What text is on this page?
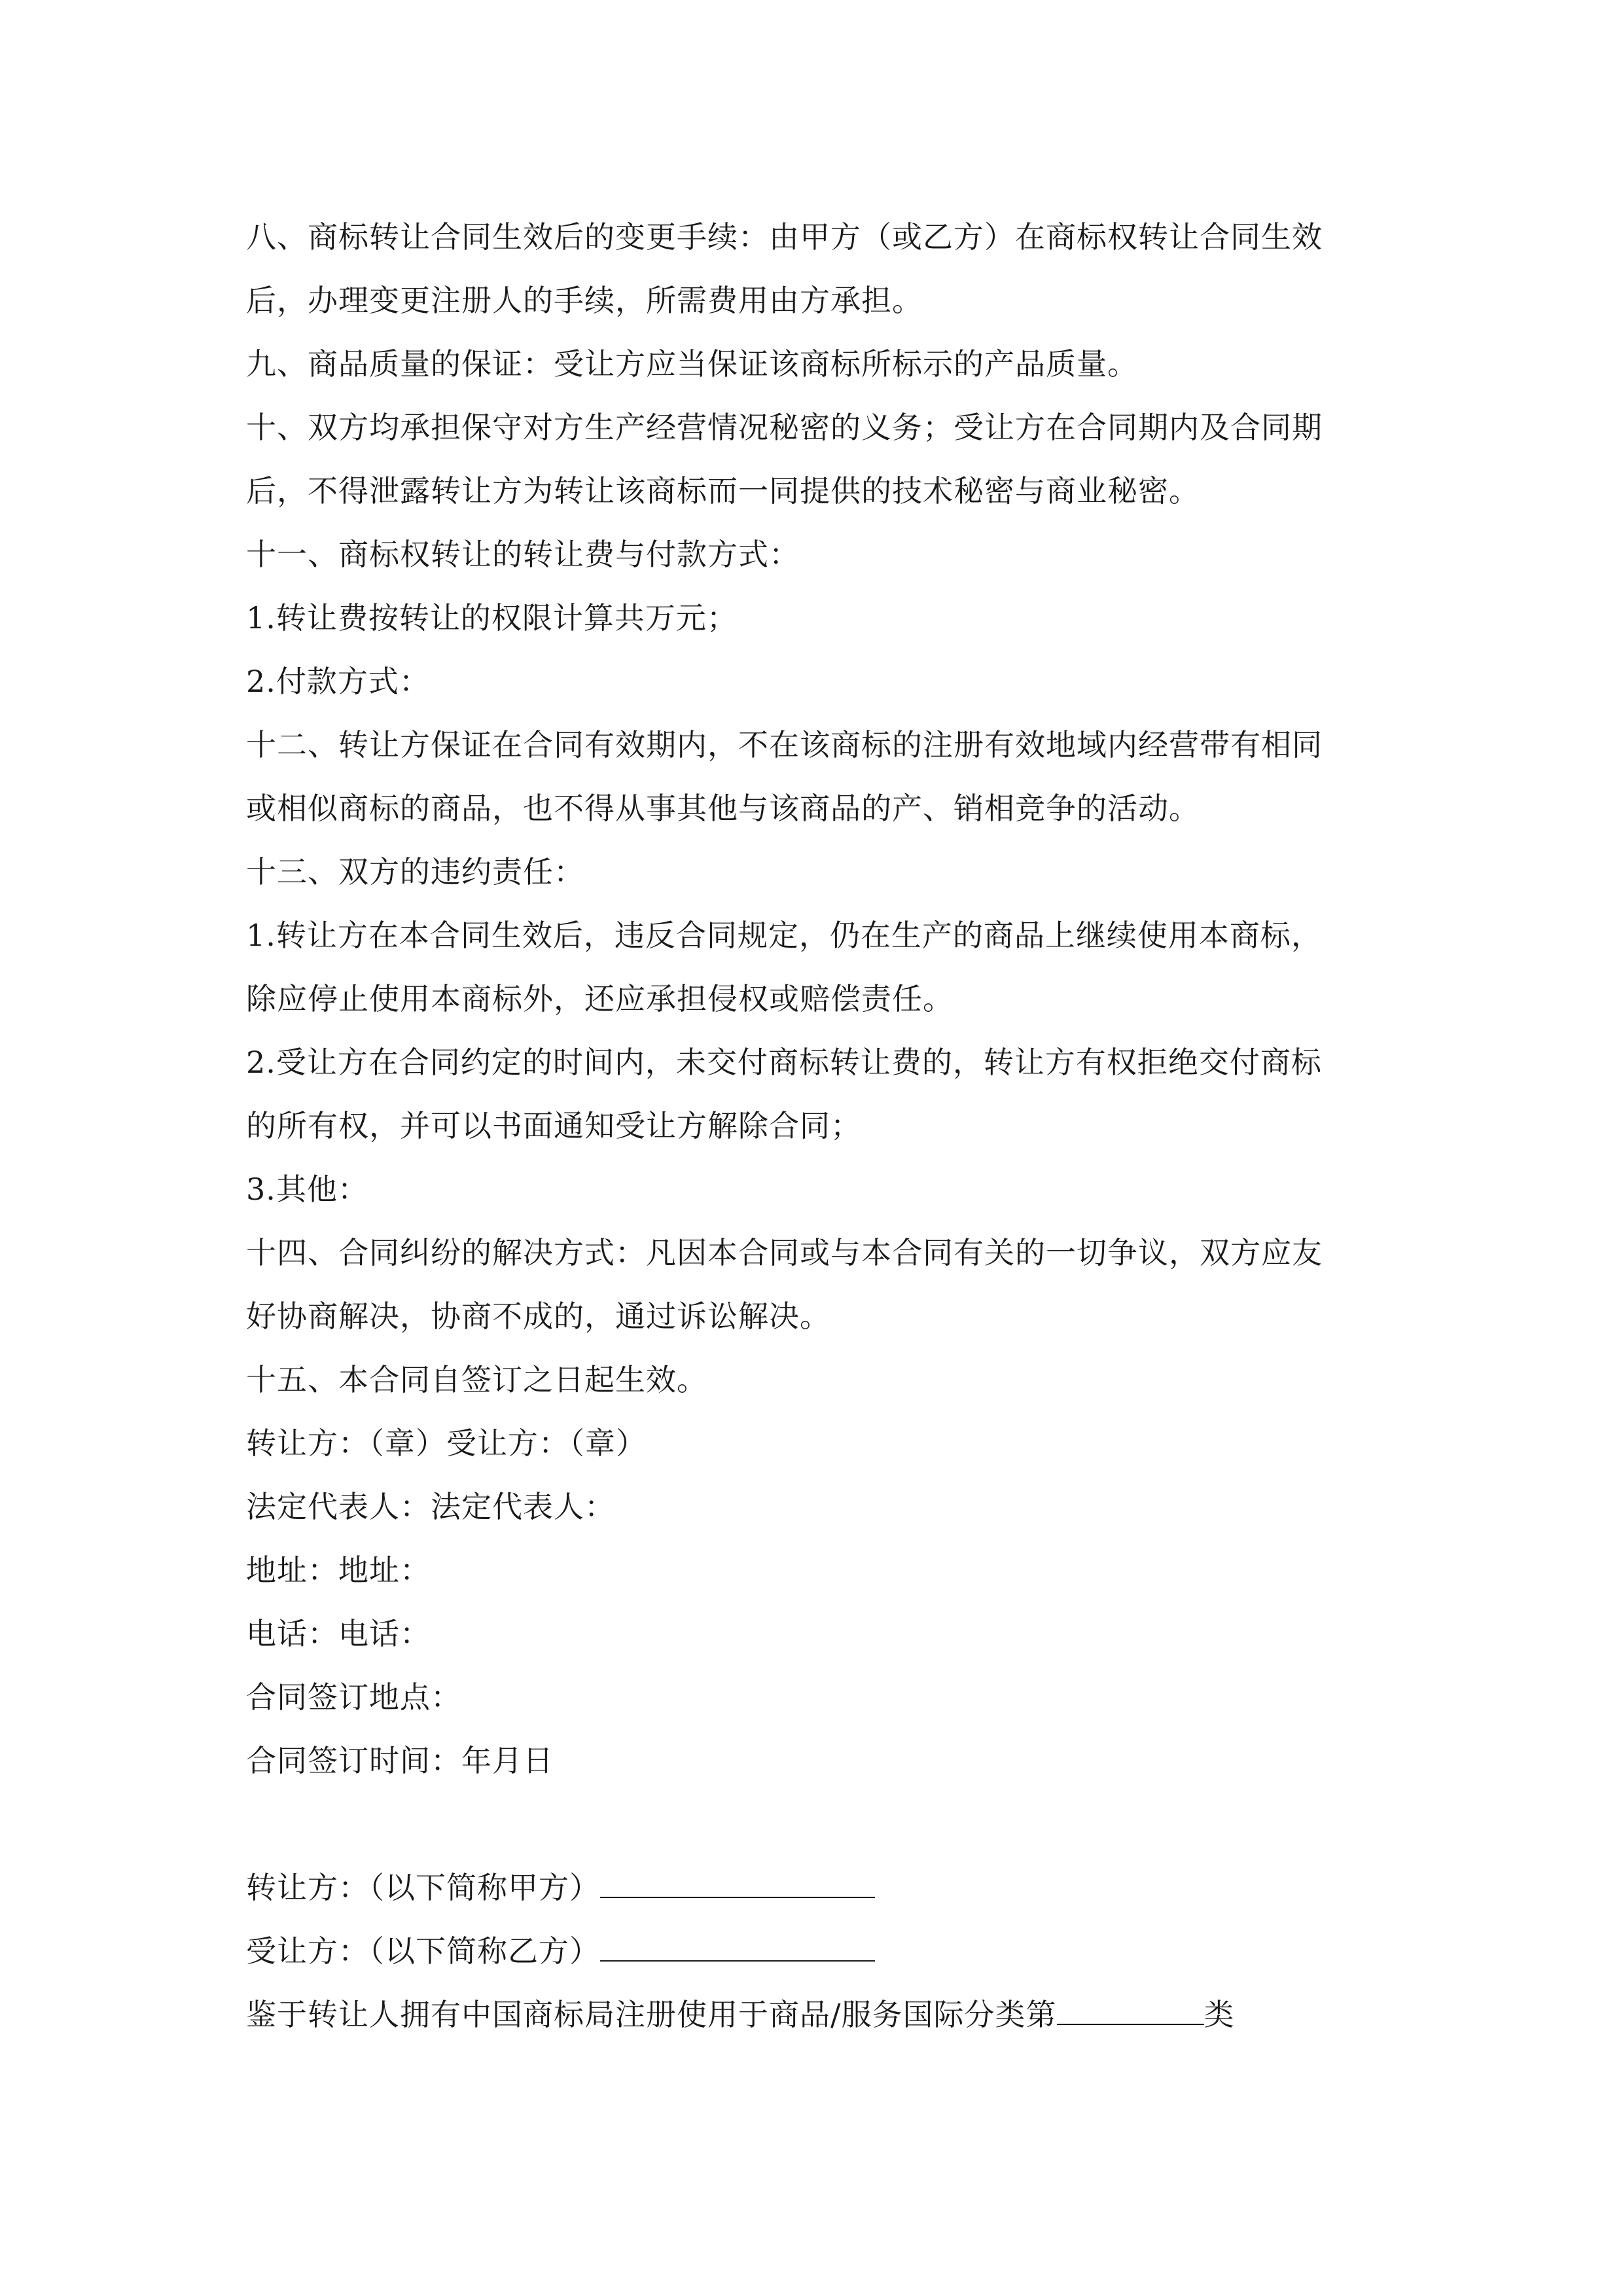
八、商标转让合同生效后的变更手续：由甲方（或乙方）在商标权转让合同生效
后，办理变更注册人的手续，所需费用由方承担。
九、商品质量的保证：受让方应当保证该商标所标示的产品质量。
十、双方均承担保守对方生产经营情况秘密的义务；受让方在合同期内及合同期
后，不得泄露转让方为转让该商标而一同提供的技术秘密与商业秘密。
十一、商标权转让的转让费与付款方式：
1.转让费按转让的权限计算共万元；
2.付款方式：
十二、转让方保证在合同有效期内，不在该商标的注册有效地域内经营带有相同
或相似商标的商品，也不得从事其他与该商品的产、销相竞争的活动。
十三、双方的违约责任：
1.转让方在本合同生效后，违反合同规定，仍在生产的商品上继续使用本商标，
除应停止使用本商标外，还应承担侵权或赔偿责任。
2.受让方在合同约定的时间内，未交付商标转让费的，转让方有权拒绝交付商标
的所有权，并可以书面通知受让方解除合同；
3.其他：
十四、合同纠纷的解决方式：凡因本合同或与本合同有关的一切争议，双方应友
好协商解决，协商不成的，通过诉讼解决。
十五、本合同自签订之日起生效。
转让方：（章）受让方：（章）
法定代表人：法定代表人：
地址：地址：
电话：电话：
合同签订地点：
合同签订时间：年月日
转让方：（以下简称甲方）
受让方：（以下简称乙方）
鉴于转让人拥有中国商标局注册使用于商品/服务国际分类第	类
